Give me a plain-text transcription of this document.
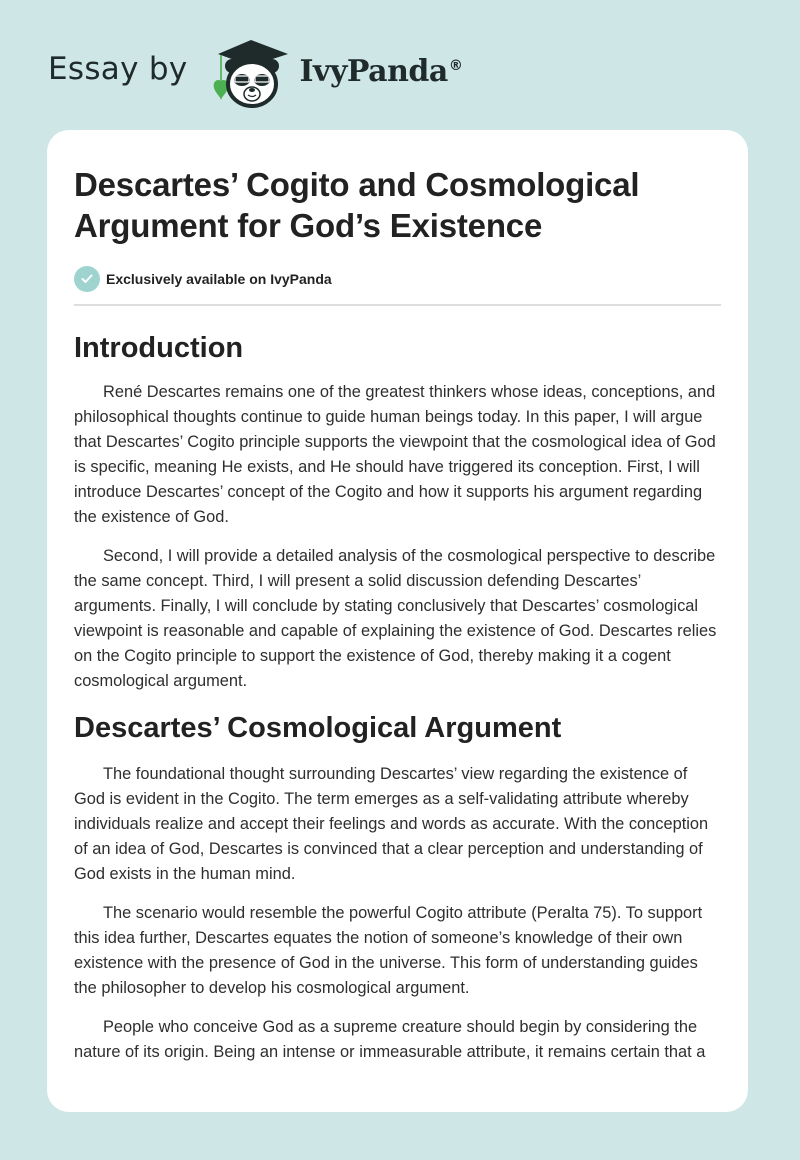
Essay by	IvyPanda®
Descartes’ Cogito and Cosmological Argument for God’s Existence
Exclusively available on IvyPanda
Introduction

René Descartes remains one of the greatest thinkers whose ideas, conceptions, and philosophical thoughts continue to guide human beings today. In this paper, I will argue that Descartes’ Cogito principle supports the viewpoint that the cosmological idea of God is specific, meaning He exists, and He should have triggered its conception. First, I will introduce Descartes’ concept of the Cogito and how it supports his argument regarding the existence of God.

Second, I will provide a detailed analysis of the cosmological perspective to describe the same concept. Third, I will present a solid discussion defending Descartes’ arguments. Finally, I will conclude by stating conclusively that Descartes’ cosmological viewpoint is reasonable and capable of explaining the existence of God. Descartes relies on the Cogito principle to support the existence of God, thereby making it a cogent cosmological argument.

Descartes’ Cosmological Argument

The foundational thought surrounding Descartes’ view regarding the existence of God is evident in the Cogito. The term emerges as a self-validating attribute whereby individuals realize and accept their feelings and words as accurate. With the conception of an idea of God, Descartes is convinced that a clear perception and understanding of God exists in the human mind.

The scenario would resemble the powerful Cogito attribute (Peralta 75). To support this idea further, Descartes equates the notion of someone’s knowledge of their own existence with the presence of God in the universe. This form of understanding guides the philosopher to develop his cosmological argument.

People who conceive God as a supreme creature should begin by considering the nature of its origin. Being an intense or immeasurable attribute, it remains certain that a
